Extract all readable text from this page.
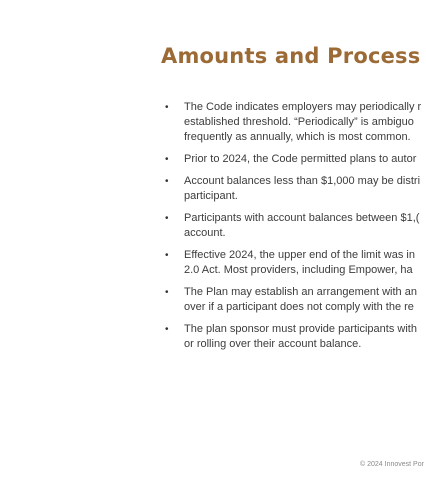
Amounts and Process
• The Code indicates employers may periodically r
established threshold. “Periodically” is ambiguo
frequently as annually, which is most common.
• Prior to 2024, the Code permitted plans to autor
• Account balances less than $1,000 may be distri
participant.
• Participants with account balances between $1,(
account.
• Effective 2024, the upper end of the limit was in
2.0 Act. Most providers, including Empower, ha
• The Plan may establish an arrangement with an
over if a participant does not comply with the re
• The plan sponsor must provide participants with
or rolling over their account balance.
© 2024 Innovest Por
